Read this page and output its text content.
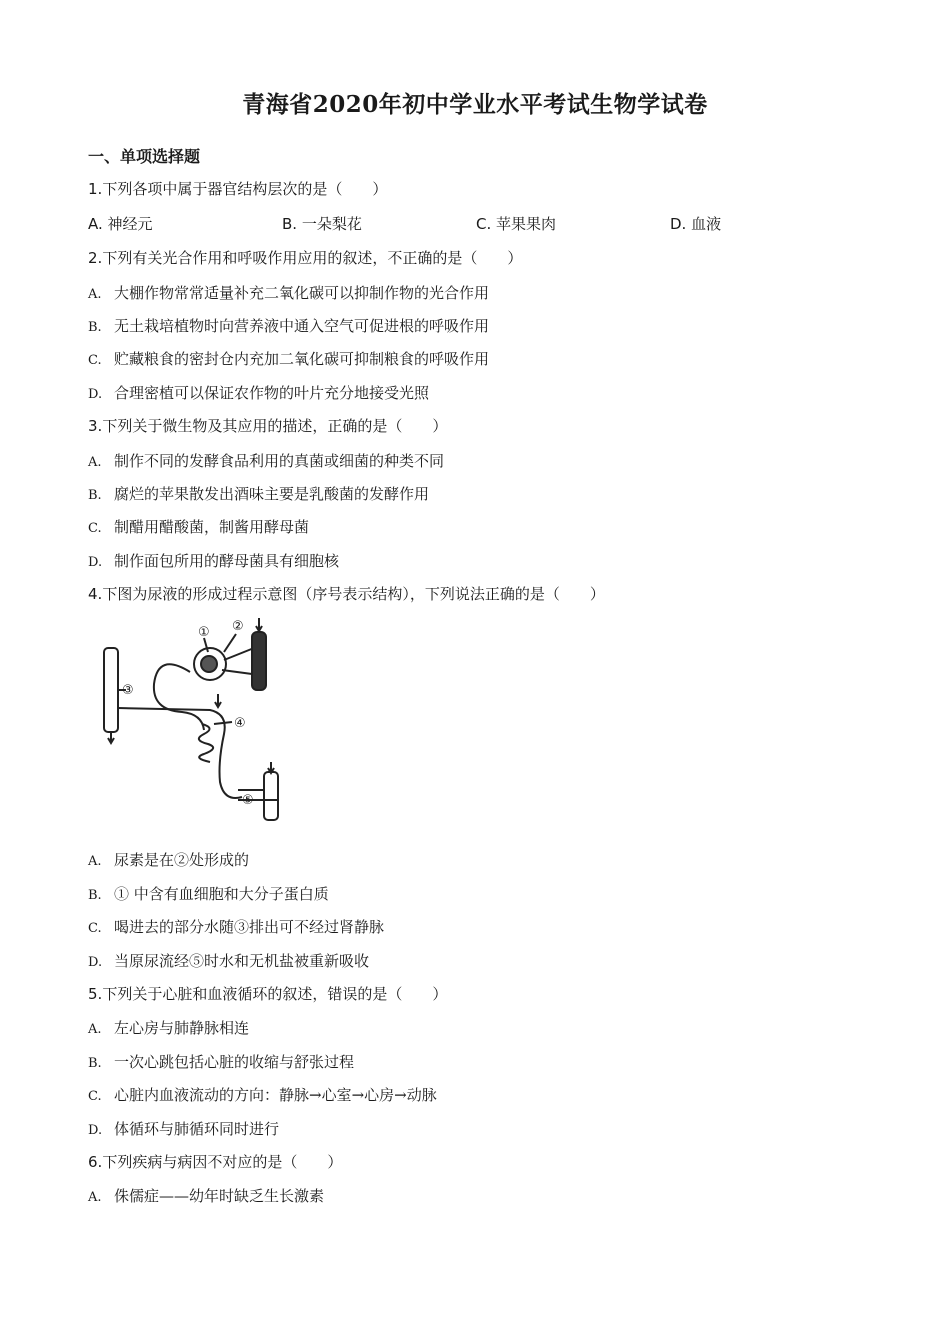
青海省2020年初中学业水平考试生物学试卷
一、单项选择题
1.下列各项中属于器官结构层次的是（　　）
A. 神经元	B. 一朵梨花	C. 苹果果肉	D. 血液
2.下列有关光合作用和呼吸作用应用的叙述，不正确的是（　　）
A. 大棚作物常常适量补充二氧化碳可以抑制作物的光合作用
B. 无土栽培植物时向营养液中通入空气可促进根的呼吸作用
C. 贮藏粮食的密封仓内充加二氧化碳可抑制粮食的呼吸作用
D. 合理密植可以保证农作物的叶片充分地接受光照
3.下列关于微生物及其应用的描述，正确的是（　　）
A. 制作不同的发酵食品利用的真菌或细菌的种类不同
B. 腐烂的苹果散发出酒味主要是乳酸菌的发酵作用
C. 制醋用醋酸菌，制酱用酵母菌
D. 制作面包所用的酵母菌具有细胞核
4.下图为尿液的形成过程示意图（序号表示结构），下列说法正确的是（　　）
① ②
③
④
⑤
A. 尿素是在②处形成的
B. ① 中含有血细胞和大分子蛋白质
C. 喝进去的部分水随③排出可不经过肾静脉
D. 当原尿流经⑤时水和无机盐被重新吸收
5.下列关于心脏和血液循环的叙述，错误的是（　　）
A. 左心房与肺静脉相连
B. 一次心跳包括心脏的收缩与舒张过程
C. 心脏内血液流动的方向：静脉→心室→心房→动脉
D. 体循环与肺循环同时进行
6.下列疾病与病因不对应的是（　　）
A. 侏儒症——幼年时缺乏生长激素
